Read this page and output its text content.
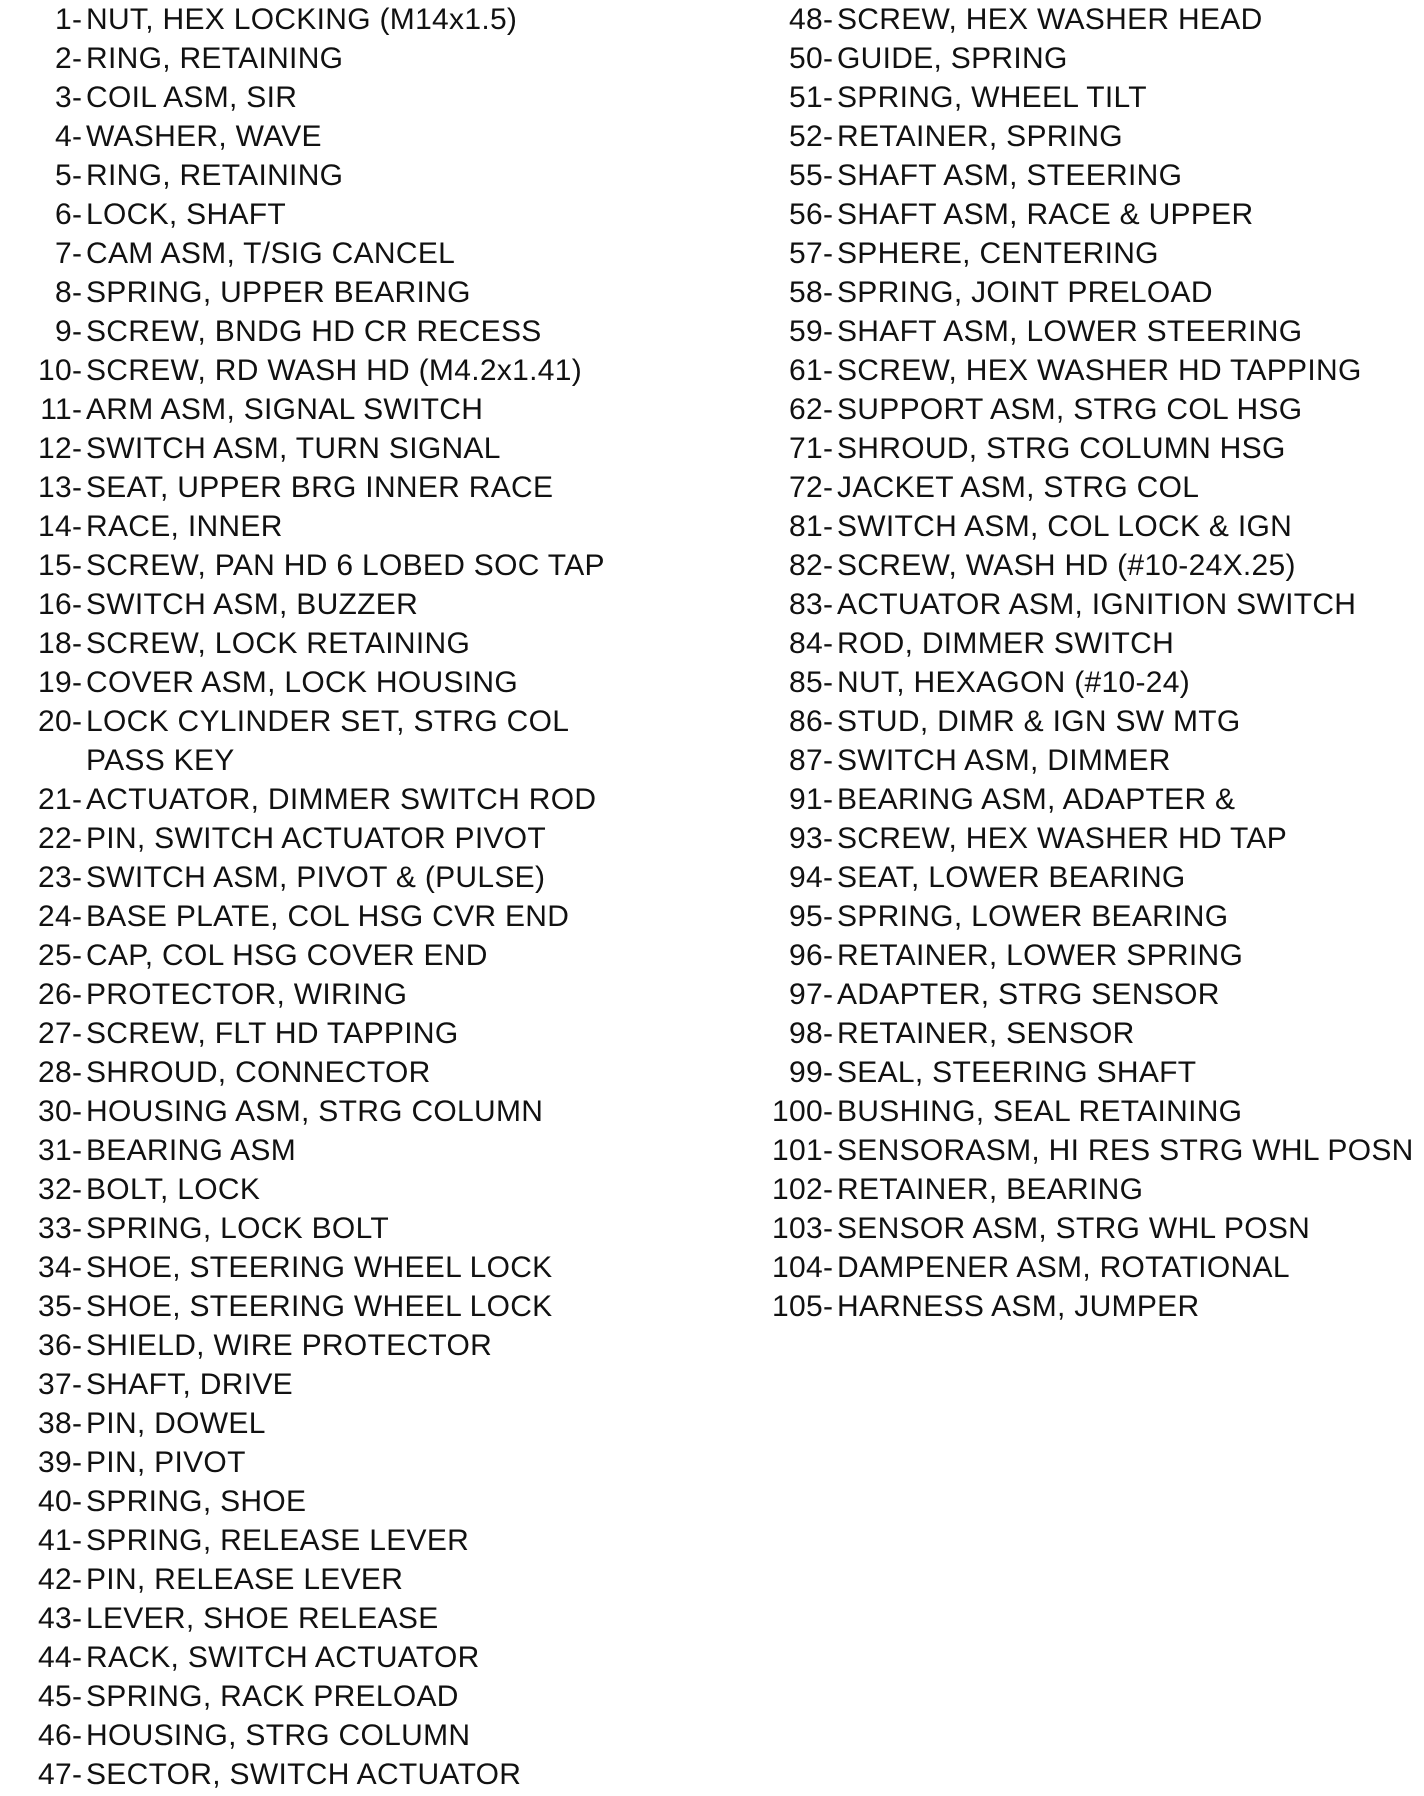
1 - NUT, HEX LOCKING (M14x1.5)
2 - RING, RETAINING
3 - COIL ASM, SIR
4 - WASHER, WAVE
5 - RING, RETAINING
6 - LOCK, SHAFT
7 - CAM ASM, T/SIG CANCEL
8 - SPRING, UPPER BEARING
9 - SCREW, BNDG HD CR RECESS
10 - SCREW, RD WASH HD (M4.2x1.41)
11 - ARM ASM, SIGNAL SWITCH
12 - SWITCH ASM, TURN SIGNAL
13 - SEAT, UPPER BRG INNER RACE
14 - RACE, INNER
15 - SCREW, PAN HD 6 LOBED SOC TAP
16 - SWITCH ASM, BUZZER
18 - SCREW, LOCK RETAINING
19 - COVER ASM, LOCK HOUSING
20 - LOCK CYLINDER SET, STRG COL
PASS KEY
21 - ACTUATOR, DIMMER SWITCH ROD
22 - PIN, SWITCH ACTUATOR PIVOT
23 - SWITCH ASM, PIVOT & (PULSE)
24 - BASE PLATE, COL HSG CVR END
25 - CAP, COL HSG COVER END
26 - PROTECTOR, WIRING
27 - SCREW, FLT HD TAPPING
28 - SHROUD, CONNECTOR
30 - HOUSING ASM, STRG COLUMN
31 - BEARING ASM
32 - BOLT, LOCK
33 - SPRING, LOCK BOLT
34 - SHOE, STEERING WHEEL LOCK
35 - SHOE, STEERING WHEEL LOCK
36 - SHIELD, WIRE PROTECTOR
37 - SHAFT, DRIVE
38 - PIN, DOWEL
39 - PIN, PIVOT
40 - SPRING, SHOE
41 - SPRING, RELEASE LEVER
42 - PIN, RELEASE LEVER
43 - LEVER, SHOE RELEASE
44 - RACK, SWITCH ACTUATOR
45 - SPRING, RACK PRELOAD
46 - HOUSING, STRG COLUMN
47 - SECTOR, SWITCH ACTUATOR
48 - SCREW, HEX WASHER HEAD
50 - GUIDE, SPRING
51 - SPRING, WHEEL TILT
52 - RETAINER, SPRING
55 - SHAFT ASM, STEERING
56 - SHAFT ASM, RACE & UPPER
57 - SPHERE, CENTERING
58 - SPRING, JOINT PRELOAD
59 - SHAFT ASM, LOWER STEERING
61 - SCREW, HEX WASHER HD TAPPING
62 - SUPPORT ASM, STRG COL HSG
71 - SHROUD, STRG COLUMN HSG
72 - JACKET ASM, STRG COL
81 - SWITCH ASM, COL LOCK & IGN
82 - SCREW, WASH HD (#10-24X.25)
83 - ACTUATOR ASM, IGNITION SWITCH
84 - ROD, DIMMER SWITCH
85 - NUT, HEXAGON (#10-24)
86 - STUD, DIMR & IGN SW MTG
87 - SWITCH ASM, DIMMER
91 - BEARING ASM, ADAPTER &
93 - SCREW, HEX WASHER HD TAP
94 - SEAT, LOWER BEARING
95 - SPRING, LOWER BEARING
96 - RETAINER, LOWER SPRING
97 - ADAPTER, STRG SENSOR
98 - RETAINER, SENSOR
99 - SEAL, STEERING SHAFT
100 - BUSHING, SEAL RETAINING
101 - SENSORASM, HI RES STRG WHL POSN
102 - RETAINER, BEARING
103 - SENSOR ASM, STRG WHL POSN
104 - DAMPENER ASM, ROTATIONAL
105 - HARNESS ASM, JUMPER
